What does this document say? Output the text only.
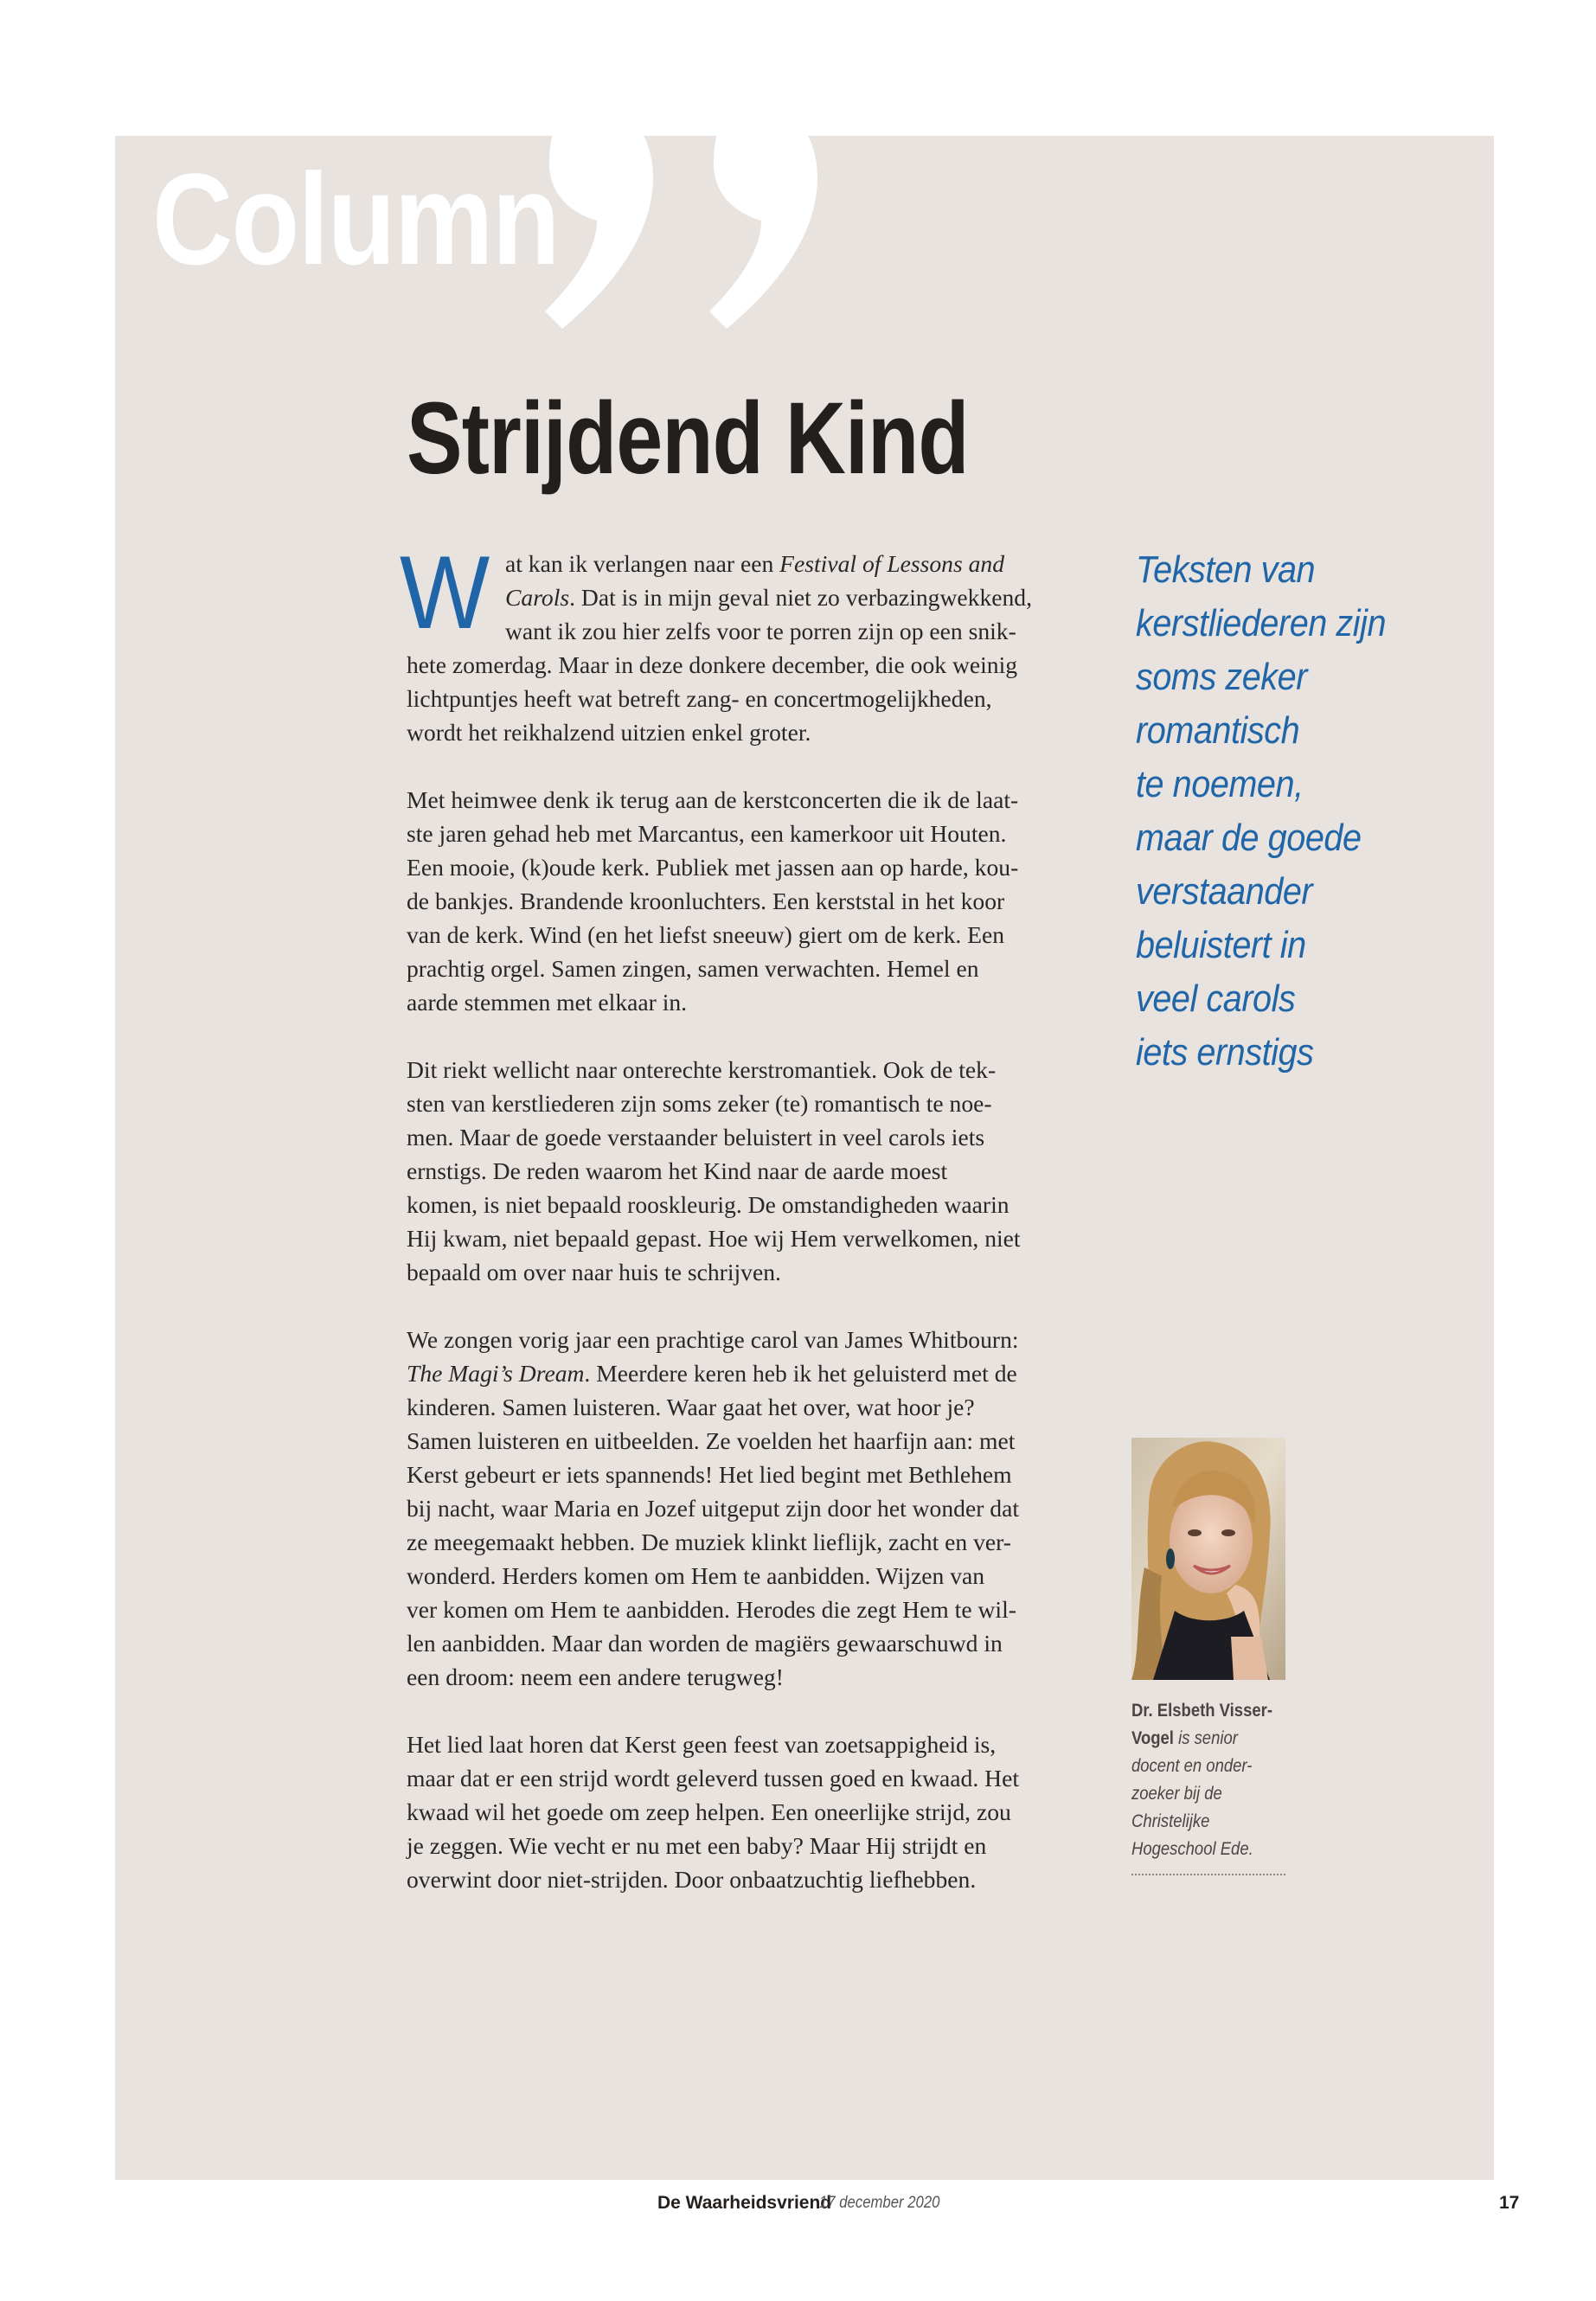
Column
Strijdend Kind
W at kan ik verlangen naar een Festival of Lessons and
Carols. Dat is in mijn geval niet zo verbazingwekkend,
want ik zou hier zelfs voor te porren zijn op een snik-
hete zomerdag. Maar in deze donkere december, die ook weinig
lichtpuntjes heeft wat betreft zang- en concertmogelijkheden,
wordt het reikhalzend uitzien enkel groter.

Met heimwee denk ik terug aan de kerstconcerten die ik de laat-
ste jaren gehad heb met Marcantus, een kamerkoor uit Houten.
Een mooie, (k)oude kerk. Publiek met jassen aan op harde, kou-
de bankjes. Brandende kroonluchters. Een kerststal in het koor
van de kerk. Wind (en het liefst sneeuw) giert om de kerk. Een
prachtig orgel. Samen zingen, samen verwachten. Hemel en
aarde stemmen met elkaar in.

Dit riekt wellicht naar onterechte kerstromantiek. Ook de tek-
sten van kerstliederen zijn soms zeker (te) romantisch te noe-
men. Maar de goede verstaander beluistert in veel carols iets
ernstigs. De reden waarom het Kind naar de aarde moest
komen, is niet bepaald rooskleurig. De omstandigheden waarin
Hij kwam, niet bepaald gepast. Hoe wij Hem verwelkomen, niet
bepaald om over naar huis te schrijven.

We zongen vorig jaar een prachtige carol van James Whitbourn:
The Magi’s Dream. Meerdere keren heb ik het geluisterd met de
kinderen. Samen luisteren. Waar gaat het over, wat hoor je?
Samen luisteren en uitbeelden. Ze voelden het haarfijn aan: met
Kerst gebeurt er iets spannends! Het lied begint met Bethlehem
bij nacht, waar Maria en Jozef uitgeput zijn door het wonder dat
ze meegemaakt hebben. De muziek klinkt lieflijk, zacht en ver-
wonderd. Herders komen om Hem te aanbidden. Wijzen van
ver komen om Hem te aanbidden. Herodes die zegt Hem te wil-
len aanbidden. Maar dan worden de magiërs gewaarschuwd in
een droom: neem een andere terugweg!

Het lied laat horen dat Kerst geen feest van zoetsappigheid is,
maar dat er een strijd wordt geleverd tussen goed en kwaad. Het
kwaad wil het goede om zeep helpen. Een oneerlijke strijd, zou
je zeggen. Wie vecht er nu met een baby? Maar Hij strijdt en
overwint door niet-strijden. Door onbaatzuchtig liefhebben.

Teksten van
kerstliederen zijn
soms zeker
romantisch
te noemen,
maar de goede
verstaander
beluistert in
veel carols
iets ernstigs
Dr. Elsbeth Visser-
Vogel is senior
docent en onder-
zoeker bij de
Christelijke
Hogeschool Ede.
De Waarheidsvriend
17 december 2020	17
